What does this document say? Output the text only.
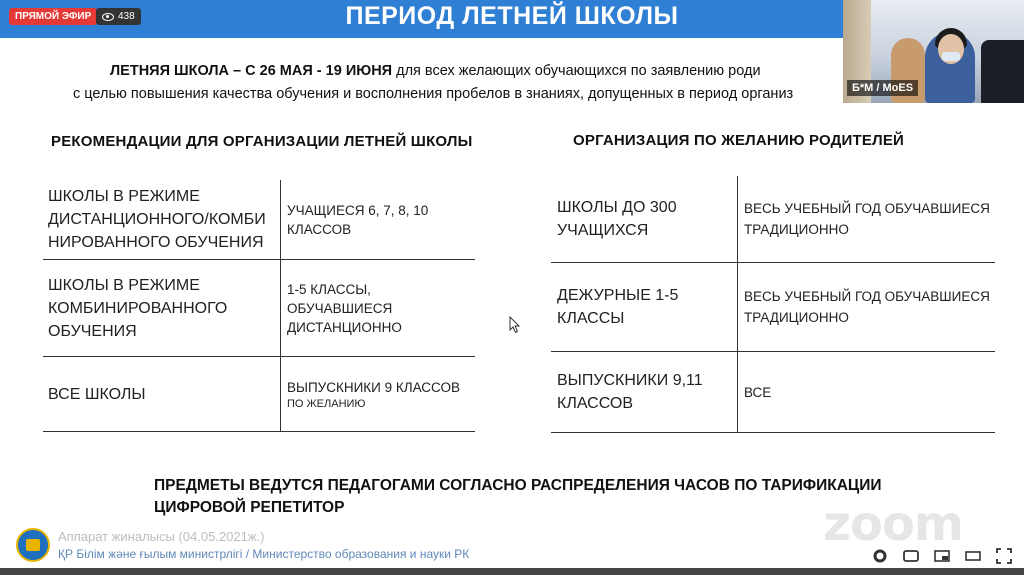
ПЕРИОД ЛЕТНЕЙ ШКОЛЫ
ПРЯМОЙ ЭФИР	438
Б*М / MoES
ЛЕТНЯЯ ШКОЛА – С 26 МАЯ - 19 ИЮНЯ для всех желающих обучающихся по заявлению роди
с целью повышения качества обучения и восполнения пробелов в знаниях, допущенных в период организ
РЕКОМЕНДАЦИИ ДЛЯ ОРГАНИЗАЦИИ ЛЕТНЕЙ ШКОЛЫ	ОРГАНИЗАЦИЯ ПО ЖЕЛАНИЮ РОДИТЕЛЕЙ
ШКОЛЫ В РЕЖИМЕ ДИСТАНЦИОННОГО/КОМБИ НИРОВАННОГО ОБУЧЕНИЯ	УЧАЩИЕСЯ 6, 7, 8, 10 КЛАССОВ
ШКОЛЫ В РЕЖИМЕ КОМБИНИРОВАННОГО ОБУЧЕНИЯ	1-5 КЛАССЫ, ОБУЧАВШИЕСЯ ДИСТАНЦИОННО
ВСЕ ШКОЛЫ	ВЫПУСКНИКИ 9 КЛАССОВ
ПО ЖЕЛАНИЮ
ШКОЛЫ ДО 300 УЧАЩИХСЯ	ВЕСЬ УЧЕБНЫЙ ГОД ОБУЧАВШИЕСЯ ТРАДИЦИОННО
ДЕЖУРНЫЕ 1-5 КЛАССЫ	ВЕСЬ УЧЕБНЫЙ ГОД ОБУЧАВШИЕСЯ ТРАДИЦИОННО
ВЫПУСКНИКИ 9,11 КЛАССОВ	ВСЕ
ПРЕДМЕТЫ ВЕДУТСЯ ПЕДАГОГАМИ СОГЛАСНО РАСПРЕДЕЛЕНИЯ ЧАСОВ ПО ТАРИФИКАЦИИ
ЦИФРОВОЙ РЕПЕТИТОР
Аппарат жиналысы (04.05.2021ж.)
ҚР Білім және ғылым министрлігі / Министерство образования и науки РК
zoom
